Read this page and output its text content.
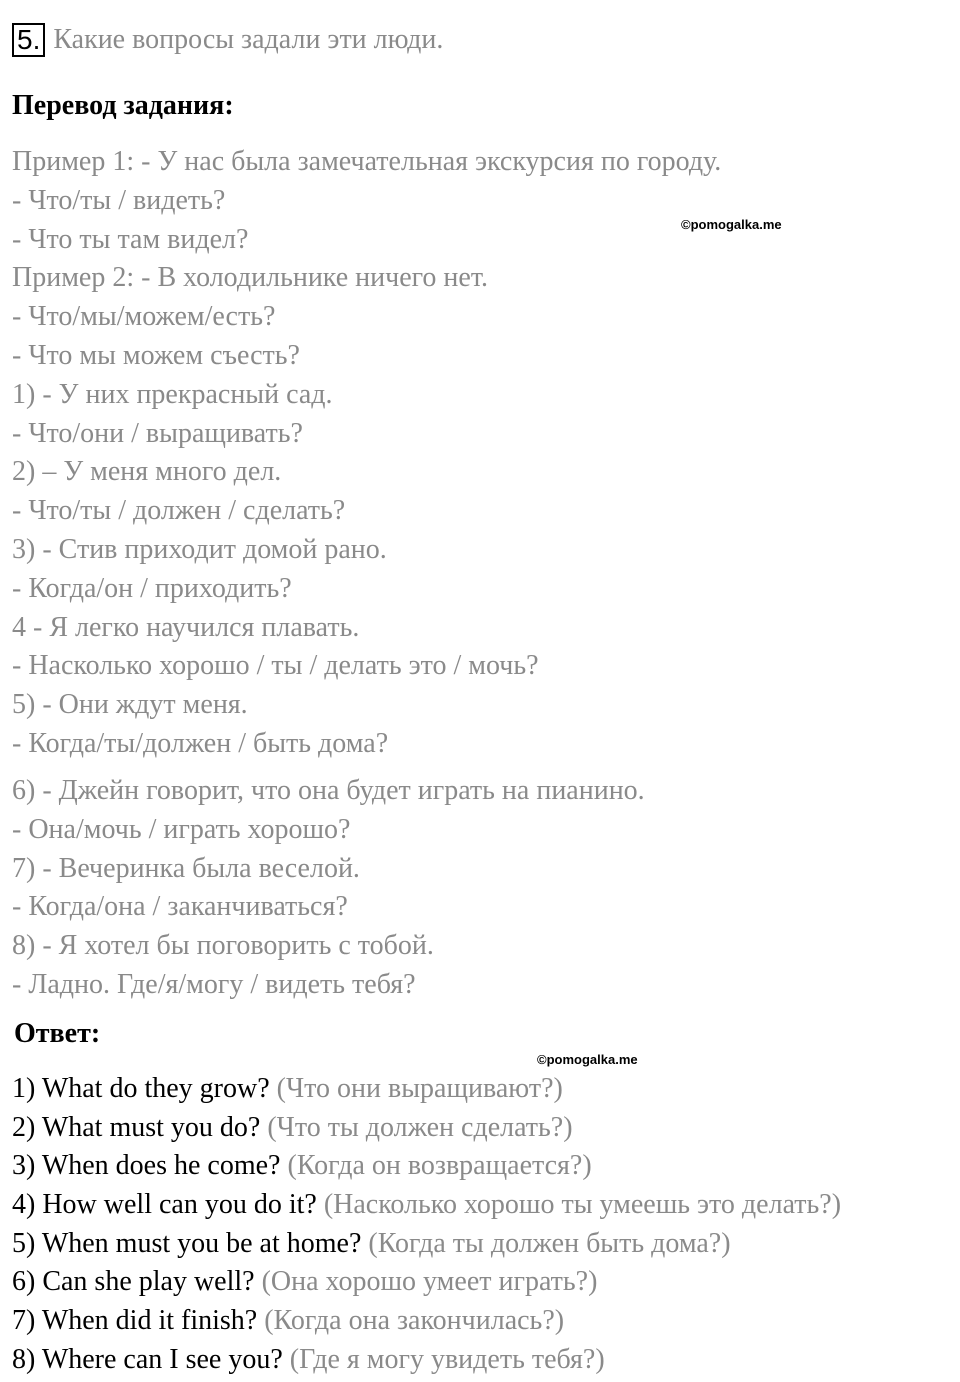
5. Какие вопросы задали эти люди.
Перевод задания:
Пример 1: - У нас была замечательная экскурсия по городу.
- Что/ты / видеть?
- Что ты там видел?
Пример 2: - В холодильнике ничего нет.
- Что/мы/можем/есть?
- Что мы можем съесть?
1) - У них прекрасный сад.
- Что/они / выращивать?
2) – У меня много дел.
- Что/ты / должен / сделать?
3) - Стив приходит домой рано.
- Когда/он / приходить?
4 - Я легко научился плавать.
- Насколько хорошо / ты / делать это / мочь?
5) - Они ждут меня.
- Когда/ты/должен / быть дома?
6) - Джейн говорит, что она будет играть на пианино.
- Она/мочь / играть хорошо?
7) - Вечеринка была веселой.
- Когда/она / заканчиваться?
8) - Я хотел бы поговорить с тобой.
- Ладно. Где/я/могу / видеть тебя?
Ответ:
1) What do they grow? (Что они выращивают?)
2) What must you do? (Что ты должен сделать?)
3) When does he come? (Когда он возвращается?)
4) How well can you do it? (Насколько хорошо ты умеешь это делать?)
5) When must you be at home? (Когда ты должен быть дома?)
6) Can she play well? (Она хорошо умеет играть?)
7) When did it finish? (Когда она закончилась?)
8) Where can I see you? (Где я могу увидеть тебя?)
©pomogalka.me
©pomogalka.me
